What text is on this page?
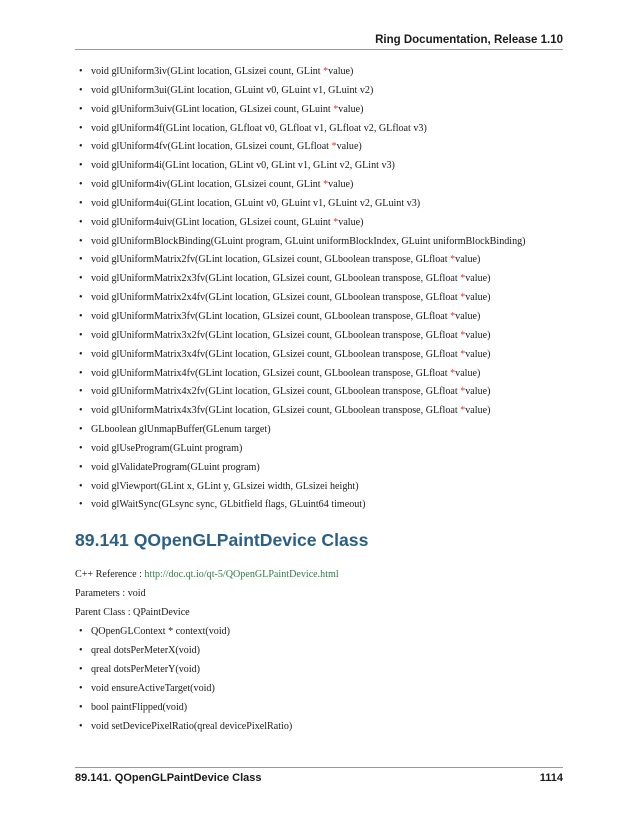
Ring Documentation, Release 1.10
• void glUniform3iv(GLint location, GLsizei count, GLint *value)
• void glUniform3ui(GLint location, GLuint v0, GLuint v1, GLuint v2)
• void glUniform3uiv(GLint location, GLsizei count, GLuint *value)
• void glUniform4f(GLint location, GLfloat v0, GLfloat v1, GLfloat v2, GLfloat v3)
• void glUniform4fv(GLint location, GLsizei count, GLfloat *value)
• void glUniform4i(GLint location, GLint v0, GLint v1, GLint v2, GLint v3)
• void glUniform4iv(GLint location, GLsizei count, GLint *value)
• void glUniform4ui(GLint location, GLuint v0, GLuint v1, GLuint v2, GLuint v3)
• void glUniform4uiv(GLint location, GLsizei count, GLuint *value)
• void glUniformBlockBinding(GLuint program, GLuint uniformBlockIndex, GLuint uniformBlockBinding)
• void glUniformMatrix2fv(GLint location, GLsizei count, GLboolean transpose, GLfloat *value)
• void glUniformMatrix2x3fv(GLint location, GLsizei count, GLboolean transpose, GLfloat *value)
• void glUniformMatrix2x4fv(GLint location, GLsizei count, GLboolean transpose, GLfloat *value)
• void glUniformMatrix3fv(GLint location, GLsizei count, GLboolean transpose, GLfloat *value)
• void glUniformMatrix3x2fv(GLint location, GLsizei count, GLboolean transpose, GLfloat *value)
• void glUniformMatrix3x4fv(GLint location, GLsizei count, GLboolean transpose, GLfloat *value)
• void glUniformMatrix4fv(GLint location, GLsizei count, GLboolean transpose, GLfloat *value)
• void glUniformMatrix4x2fv(GLint location, GLsizei count, GLboolean transpose, GLfloat *value)
• void glUniformMatrix4x3fv(GLint location, GLsizei count, GLboolean transpose, GLfloat *value)
• GLboolean glUnmapBuffer(GLenum target)
• void glUseProgram(GLuint program)
• void glValidateProgram(GLuint program)
• void glViewport(GLint x, GLint y, GLsizei width, GLsizei height)
• void glWaitSync(GLsync sync, GLbitfield flags, GLuint64 timeout)
89.141 QOpenGLPaintDevice Class

C++ Reference : http://doc.qt.io/qt-5/QOpenGLPaintDevice.html

Parameters : void

Parent Class : QPaintDevice

• QOpenGLContext * context(void)
• qreal dotsPerMeterX(void)
• qreal dotsPerMeterY(void)
• void ensureActiveTarget(void)
• bool paintFlipped(void)
• void setDevicePixelRatio(qreal devicePixelRatio)
89.141. QOpenGLPaintDevice Class	1114
